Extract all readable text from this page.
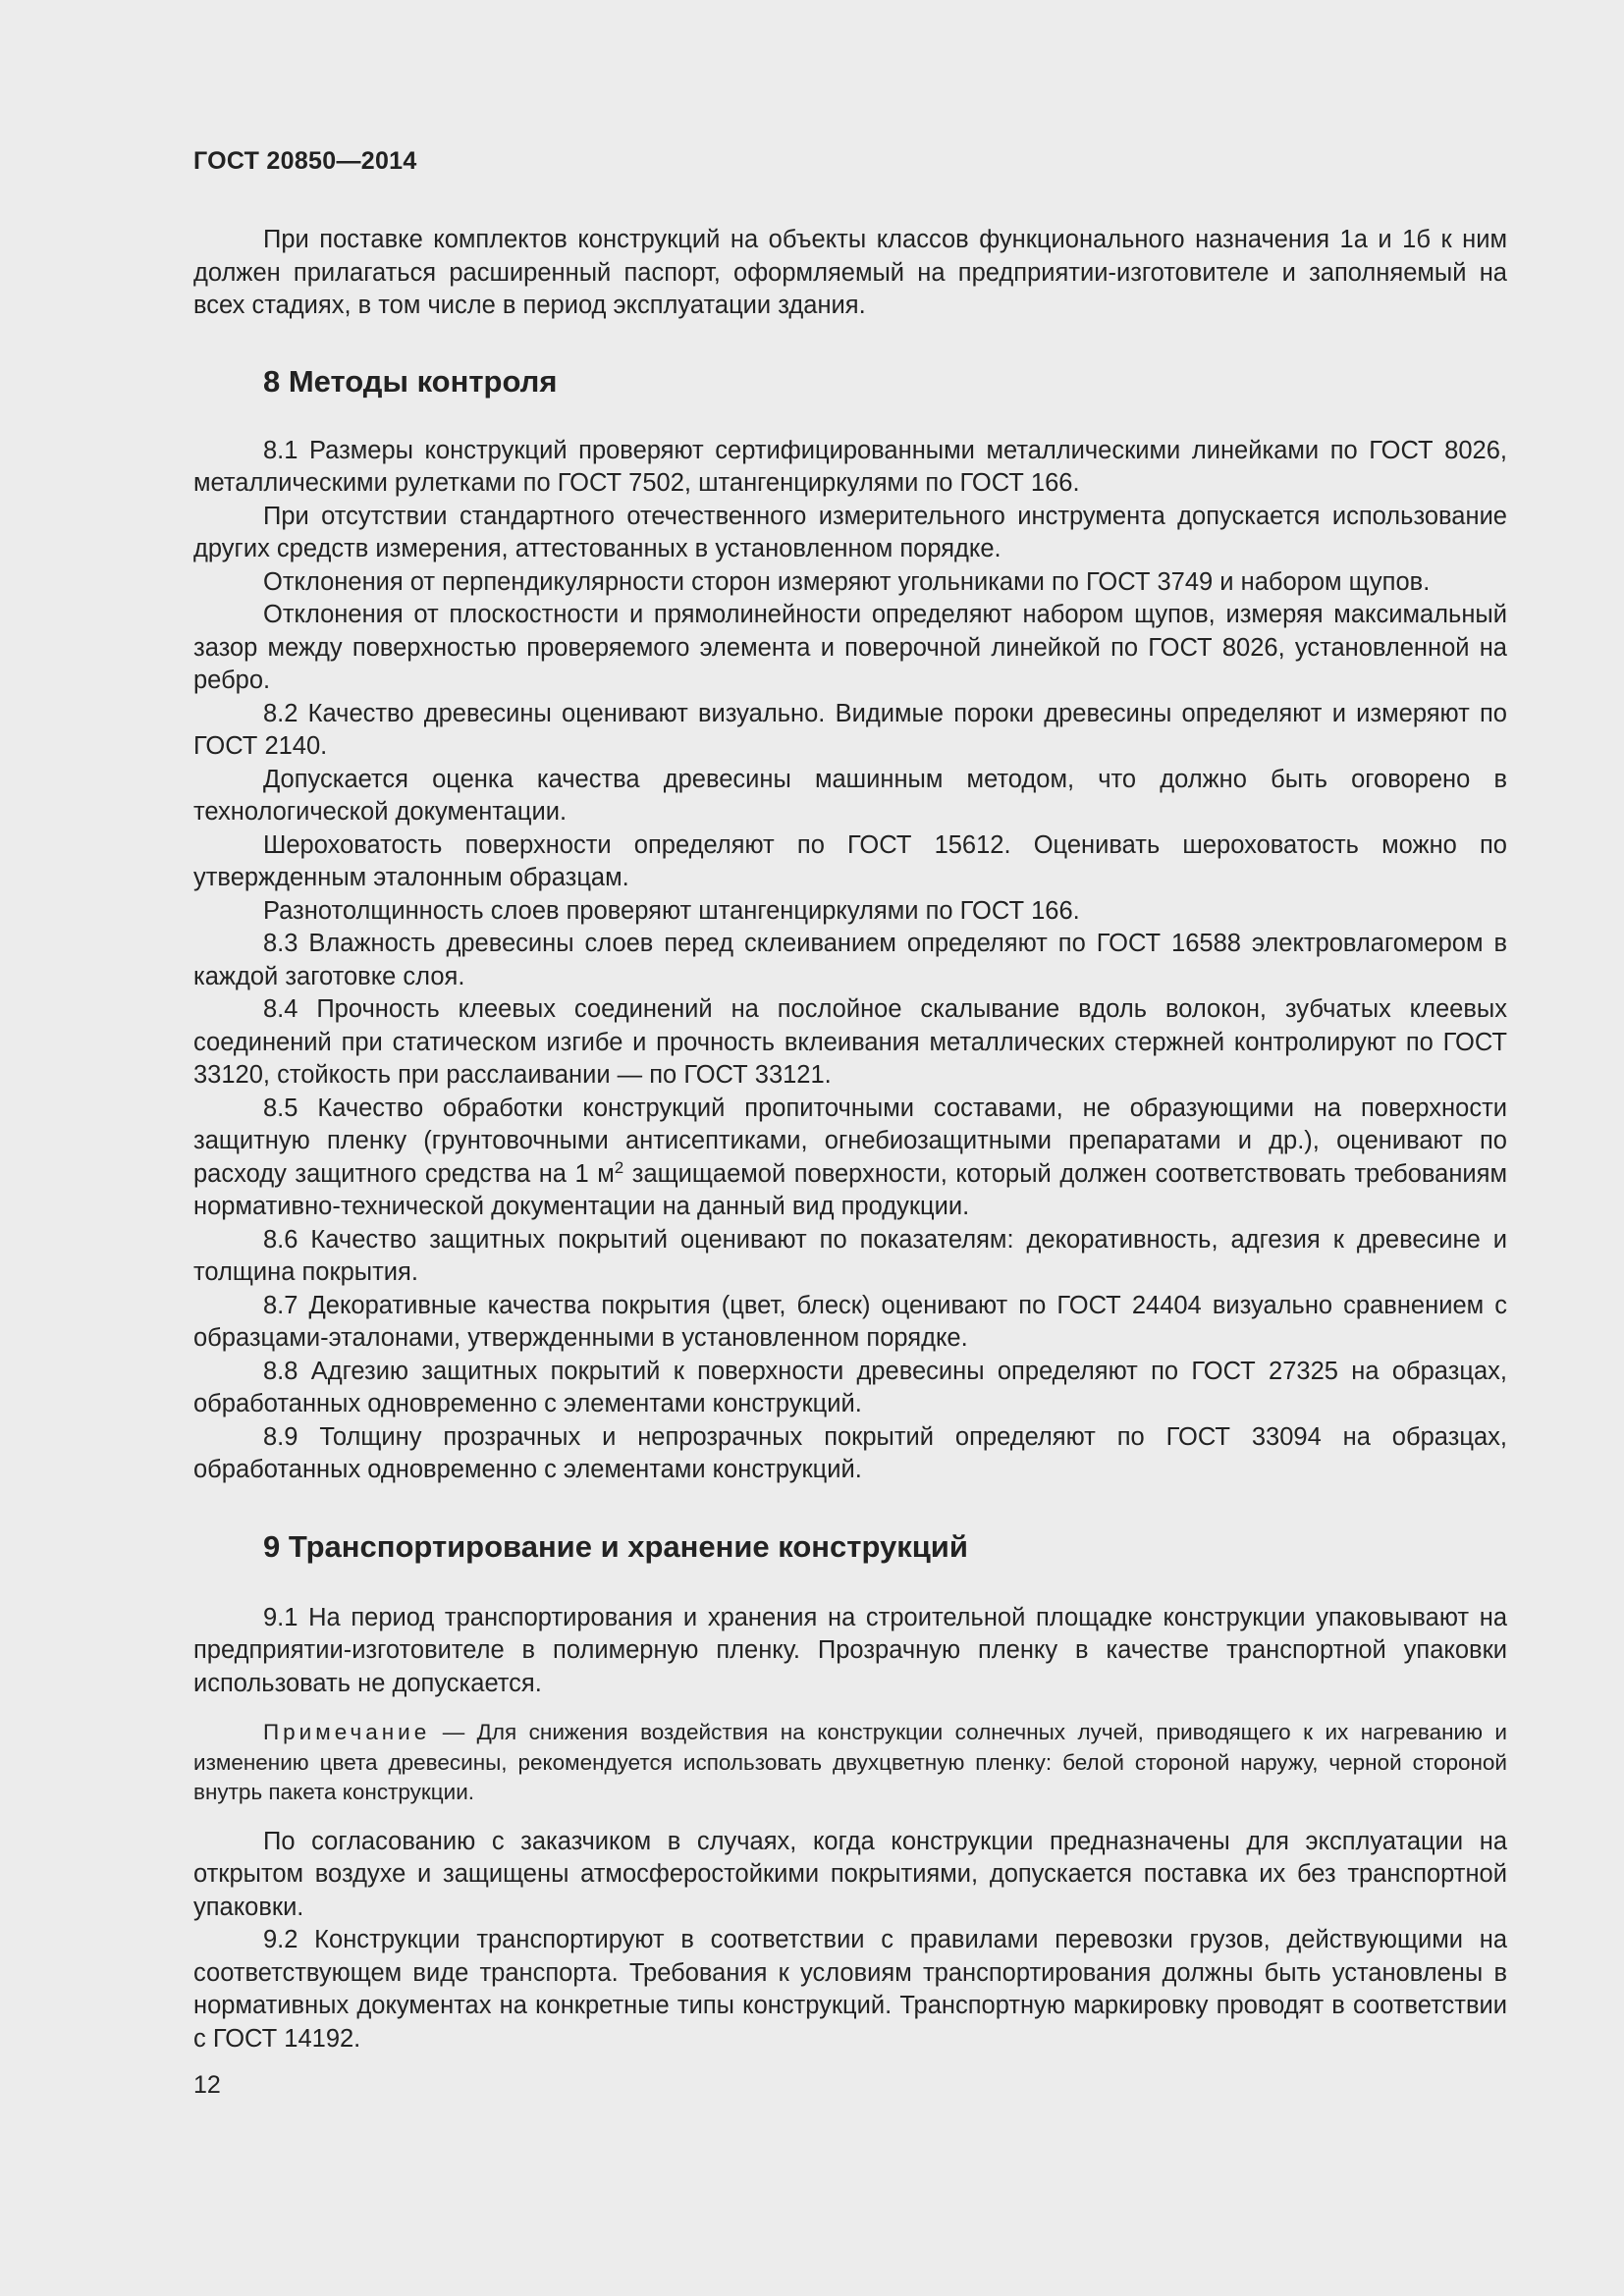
ГОСТ 20850—2014

При поставке комплектов конструкций на объекты классов функционального назначения 1а и 1б к ним должен прилагаться расширенный паспорт, оформляемый на предприятии-изготовителе и заполняемый на всех стадиях, в том числе в период эксплуатации здания.

8 Методы контроля

8.1 Размеры конструкций проверяют сертифицированными металлическими линейками по ГОСТ 8026, металлическими рулетками по ГОСТ 7502, штангенциркулями по ГОСТ 166.

При отсутствии стандартного отечественного измерительного инструмента допускается использование других средств измерения, аттестованных в установленном порядке.

Отклонения от перпендикулярности сторон измеряют угольниками по ГОСТ 3749 и набором щупов.

Отклонения от плоскостности и прямолинейности определяют набором щупов, измеряя максимальный зазор между поверхностью проверяемого элемента и поверочной линейкой по ГОСТ 8026, установленной на ребро.

8.2 Качество древесины оценивают визуально. Видимые пороки древесины определяют и измеряют по ГОСТ 2140.

Допускается оценка качества древесины машинным методом, что должно быть оговорено в технологической документации.

Шероховатость поверхности определяют по ГОСТ 15612. Оценивать шероховатость можно по утвержденным эталонным образцам.

Разнотолщинность слоев проверяют штангенциркулями по ГОСТ 166.

8.3 Влажность древесины слоев перед склеиванием определяют по ГОСТ 16588 электровлагомером в каждой заготовке слоя.

8.4 Прочность клеевых соединений на послойное скалывание вдоль волокон, зубчатых клеевых соединений при статическом изгибе и прочность вклеивания металлических стержней контролируют по ГОСТ 33120, стойкость при расслаивании — по ГОСТ 33121.

8.5 Качество обработки конструкций пропиточными составами, не образующими на поверхности защитную пленку (грунтовочными антисептиками, огнебиозащитными препаратами и др.), оценивают по расходу защитного средства на 1 $м^2$ защищаемой поверхности, который должен соответствовать требованиям нормативно-технической документации на данный вид продукции.

8.6 Качество защитных покрытий оценивают по показателям: декоративность, адгезия к древесине и толщина покрытия.

8.7 Декоративные качества покрытия (цвет, блеск) оценивают по ГОСТ 24404 визуально сравнением с образцами-эталонами, утвержденными в установленном порядке.

8.8 Адгезию защитных покрытий к поверхности древесины определяют по ГОСТ 27325 на образцах, обработанных одновременно с элементами конструкций.

8.9 Толщину прозрачных и непрозрачных покрытий определяют по ГОСТ 33094 на образцах, обработанных одновременно с элементами конструкций.

9 Транспортирование и хранение конструкций

9.1 На период транспортирования и хранения на строительной площадке конструкции упаковывают на предприятии-изготовителе в полимерную пленку. Прозрачную пленку в качестве транспортной упаковки использовать не допускается.

Примечание — Для снижения воздействия на конструкции солнечных лучей, приводящего к их нагреванию и изменению цвета древесины, рекомендуется использовать двухцветную пленку: белой стороной наружу, черной стороной внутрь пакета конструкции.

По согласованию с заказчиком в случаях, когда конструкции предназначены для эксплуатации на открытом воздухе и защищены атмосферостойкими покрытиями, допускается поставка их без транспортной упаковки.

9.2 Конструкции транспортируют в соответствии с правилами перевозки грузов, действующими на соответствующем виде транспорта. Требования к условиям транспортирования должны быть установлены в нормативных документах на конкретные типы конструкций. Транспортную маркировку проводят в соответствии с ГОСТ 14192.

12
